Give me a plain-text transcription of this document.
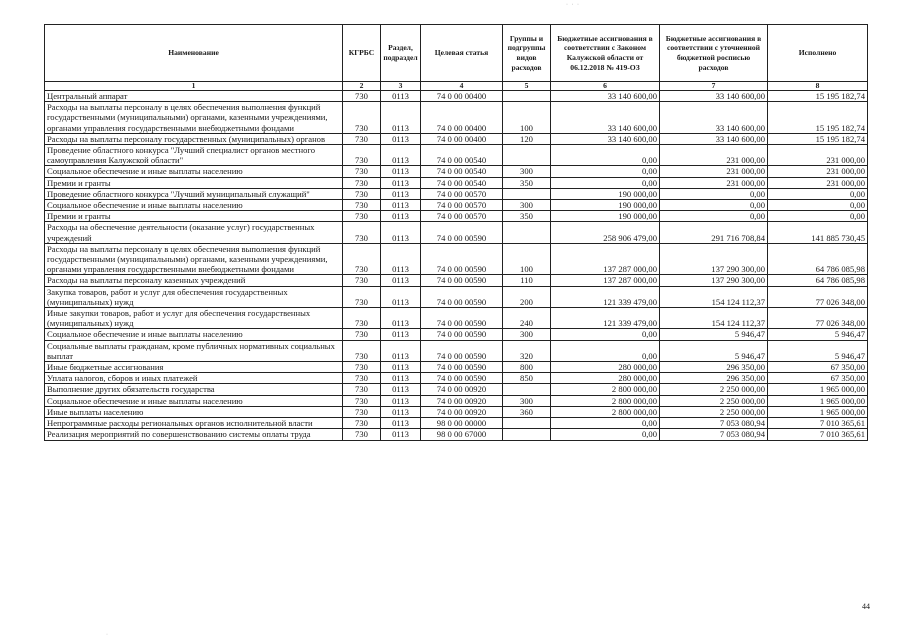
· · ·
Наименование	КГРБС	Раздел, подраздел	Целевая статья	Группы и подгруппы видов расходов	Бюджетные ассигнования в соответствии с Законом Калужской области от 06.12.2018 № 419-ОЗ	Бюджетные ассигнования в соответствии с уточненной бюджетной росписью расходов	Исполнено
1	2	3	4	5	6	7	8
Центральный аппарат	730	0113	74 0 00 00400		33 140 600,00	33 140 600,00	15 195 182,74
Расходы на выплаты персоналу в целях обеспечения выполнения функций государственными (муниципальными) органами, казенными учреждениями, органами управления государственными внебюджетными фондами	730	0113	74 0 00 00400	100	33 140 600,00	33 140 600,00	15 195 182,74
Расходы на выплаты персоналу государственных (муниципальных) органов	730	0113	74 0 00 00400	120	33 140 600,00	33 140 600,00	15 195 182,74
Проведение областного конкурса "Лучший специалист органов местного самоуправления Калужской области"	730	0113	74 0 00 00540		0,00	231 000,00	231 000,00
Социальное обеспечение и иные выплаты населению	730	0113	74 0 00 00540	300	0,00	231 000,00	231 000,00
Премии и гранты	730	0113	74 0 00 00540	350	0,00	231 000,00	231 000,00
Проведение областного конкурса "Лучший муниципальный служащий"	730	0113	74 0 00 00570		190 000,00	0,00	0,00
Социальное обеспечение и иные выплаты населению	730	0113	74 0 00 00570	300	190 000,00	0,00	0,00
Премии и гранты	730	0113	74 0 00 00570	350	190 000,00	0,00	0,00
Расходы на обеспечение деятельности (оказание услуг) государственных учреждений	730	0113	74 0 00 00590		258 906 479,00	291 716 708,84	141 885 730,45
Расходы на выплаты персоналу в целях обеспечения выполнения функций государственными (муниципальными) органами, казенными учреждениями, органами управления государственными внебюджетными фондами	730	0113	74 0 00 00590	100	137 287 000,00	137 290 300,00	64 786 085,98
Расходы на выплаты персоналу казенных учреждений	730	0113	74 0 00 00590	110	137 287 000,00	137 290 300,00	64 786 085,98
Закупка товаров, работ и услуг для обеспечения государственных (муниципальных) нужд	730	0113	74 0 00 00590	200	121 339 479,00	154 124 112,37	77 026 348,00
Иные закупки товаров, работ и услуг для обеспечения государственных (муниципальных) нужд	730	0113	74 0 00 00590	240	121 339 479,00	154 124 112,37	77 026 348,00
Социальное обеспечение и иные выплаты населению	730	0113	74 0 00 00590	300	0,00	5 946,47	5 946,47
Социальные выплаты гражданам, кроме публичных нормативных социальных выплат	730	0113	74 0 00 00590	320	0,00	5 946,47	5 946,47
Иные бюджетные ассигнования	730	0113	74 0 00 00590	800	280 000,00	296 350,00	67 350,00
Уплата налогов, сборов и иных платежей	730	0113	74 0 00 00590	850	280 000,00	296 350,00	67 350,00
Выполнение других обязательств государства	730	0113	74 0 00 00920		2 800 000,00	2 250 000,00	1 965 000,00
Социальное обеспечение и иные выплаты населению	730	0113	74 0 00 00920	300	2 800 000,00	2 250 000,00	1 965 000,00
Иные выплаты населению	730	0113	74 0 00 00920	360	2 800 000,00	2 250 000,00	1 965 000,00
Непрограммные расходы региональных органов исполнительной власти	730	0113	98 0 00 00000		0,00	7 053 080,94	7 010 365,61
Реализация мероприятий по совершенствованию системы оплаты труда	730	0113	98 0 00 67000		0,00	7 053 080,94	7 010 365,61
44
·
